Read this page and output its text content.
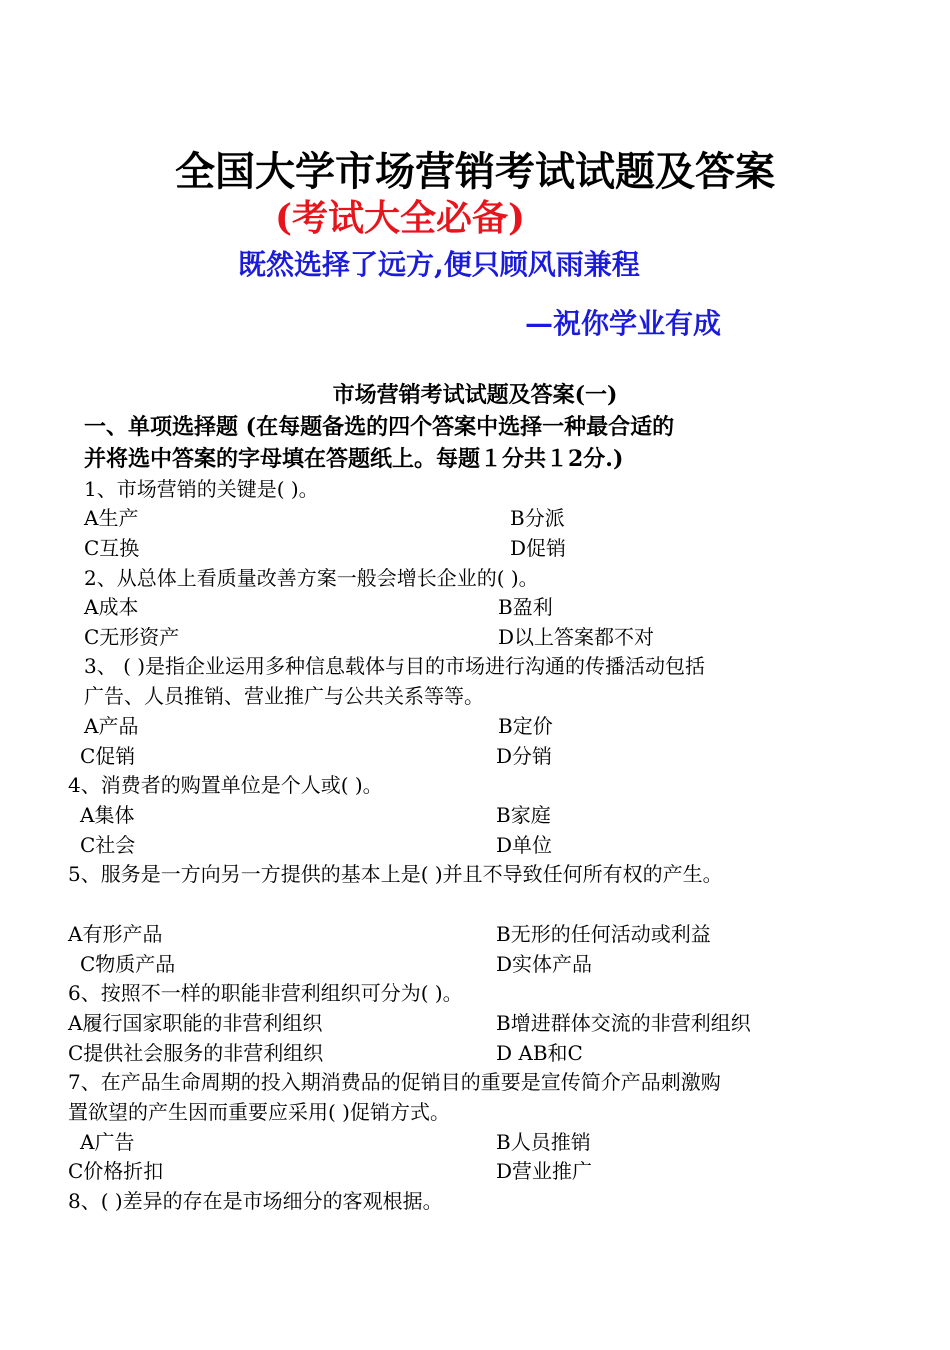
全国大学市场营销考试试题及答案
(考试大全必备)
既然选择了远方,便只顾风雨兼程
—祝你学业有成
市场营销考试试题及答案(一)
一、单项选择题 (在每题备选的四个答案中选择一种最合适的
并将选中答案的字母填在答题纸上。每题１分共１2分.)
1、市场营销的关键是( )。
A生产	B分派
C互换	D促销
2、从总体上看质量改善方案一般会增长企业的( )。
A成本	B盈利
C无形资产	D以上答案都不对
3、 ( )是指企业运用多种信息载体与目的市场进行沟通的传播活动包括
广告、人员推销、营业推广与公共关系等等。
A产品	B定价
C促销	D分销
4、消费者的购置单位是个人或( )。
A集体	B家庭
C社会	D单位
5、服务是一方向另一方提供的基本上是( )并且不导致任何所有权的产生。
A有形产品	B无形的任何活动或利益
C物质产品	D实体产品
6、按照不一样的职能非营利组织可分为( )。
A履行国家职能的非营利组织	B增进群体交流的非营利组织
C提供社会服务的非营利组织	D AB和C
7、在产品生命周期的投入期消费品的促销目的重要是宣传简介产品刺激购
置欲望的产生因而重要应采用( )促销方式。
A广告	B人员推销
C价格折扣	D营业推广
8、( )差异的存在是市场细分的客观根据。
